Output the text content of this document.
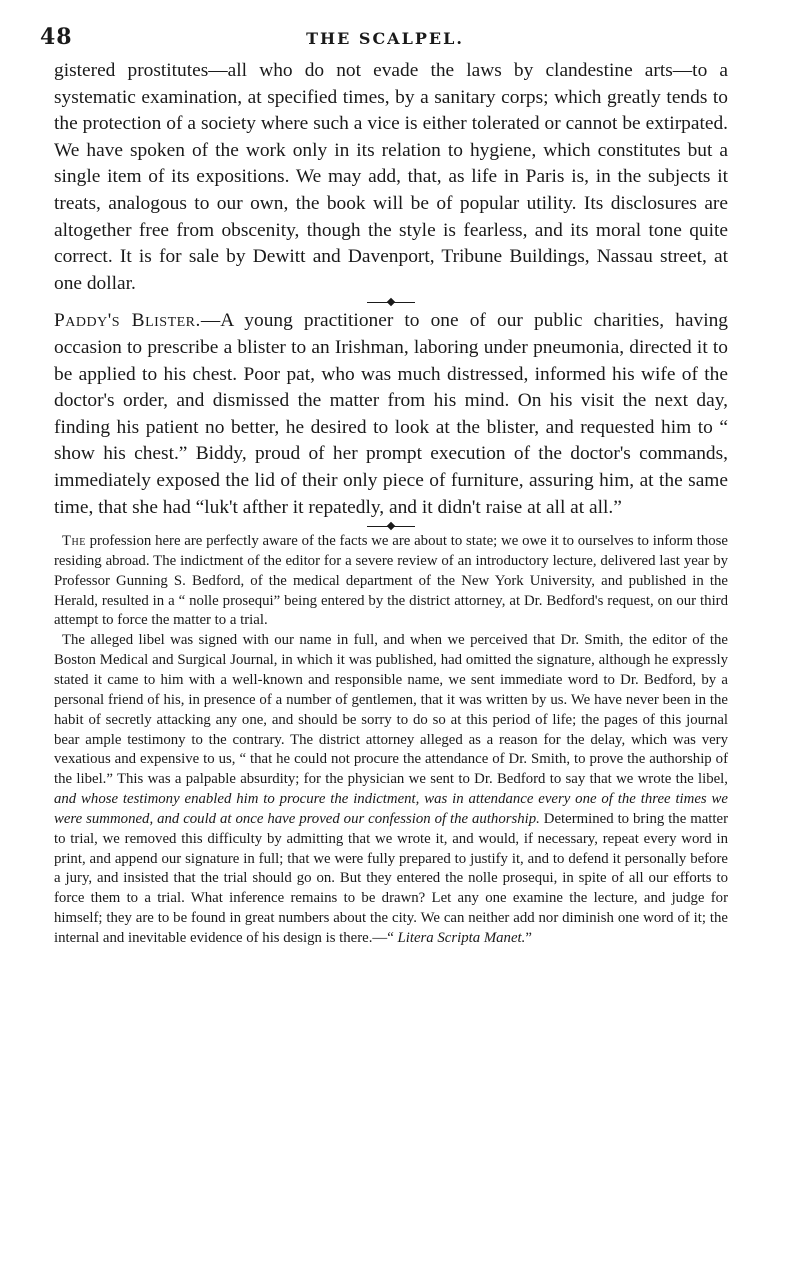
48	THE SCALPEL.

gistered prostitutes—all who do not evade the laws by clandestine arts—to a systematic examination, at specified times, by a sanitary corps; which greatly tends to the protection of a society where such a vice is either tolerated or cannot be extirpated. We have spoken of the work only in its relation to hygiene, which constitutes but a single item of its expositions. We may add, that, as life in Paris is, in the subjects it treats, analogous to our own, the book will be of popular utility. Its disclosures are altogether free from obscenity, though the style is fearless, and its moral tone quite correct. It is for sale by Dewitt and Davenport, Tribune Buildings, Nassau street, at one dollar.

Paddy's Blister.—A young practitioner to one of our public charities, having occasion to prescribe a blister to an Irishman, laboring under pneumonia, directed it to be applied to his chest. Poor pat, who was much distressed, informed his wife of the doctor's order, and dismissed the matter from his mind. On his visit the next day, finding his patient no better, he desired to look at the blister, and requested him to “ show his chest.” Biddy, proud of her prompt execution of the doctor's commands, immediately exposed the lid of their only piece of furniture, assuring him, at the same time, that she had “luk't afther it repatedly, and it didn't raise at all at all.”

The profession here are perfectly aware of the facts we are about to state; we owe it to ourselves to inform those residing abroad. The indictment of the editor for a severe review of an introductory lecture, delivered last year by Professor Gunning S. Bedford, of the medical department of the New York University, and published in the Herald, resulted in a “ nolle prosequi” being entered by the district attorney, at Dr. Bedford's request, on our third attempt to force the matter to a trial.

The alleged libel was signed with our name in full, and when we perceived that Dr. Smith, the editor of the Boston Medical and Surgical Journal, in which it was published, had omitted the signature, although he expressly stated it came to him with a well-known and responsible name, we sent immediate word to Dr. Bedford, by a personal friend of his, in presence of a number of gentlemen, that it was written by us. We have never been in the habit of secretly attacking any one, and should be sorry to do so at this period of life; the pages of this journal bear ample testimony to the contrary. The district attorney alleged as a reason for the delay, which was very vexatious and expensive to us, “ that he could not procure the attendance of Dr. Smith, to prove the authorship of the libel.” This was a palpable absurdity; for the physician we sent to Dr. Bedford to say that we wrote the libel, and whose testimony enabled him to procure the indictment, was in attendance every one of the three times we were summoned, and could at once have proved our confession of the authorship. Determined to bring the matter to trial, we removed this difficulty by admitting that we wrote it, and would, if necessary, repeat every word in print, and append our signature in full; that we were fully prepared to justify it, and to defend it personally before a jury, and insisted that the trial should go on. But they entered the nolle prosequi, in spite of all our efforts to force them to a trial. What inference remains to be drawn? Let any one examine the lecture, and judge for himself; they are to be found in great numbers about the city. We can neither add nor diminish one word of it; the internal and inevitable evidence of his design is there.—“ Litera Scripta Manet.”
